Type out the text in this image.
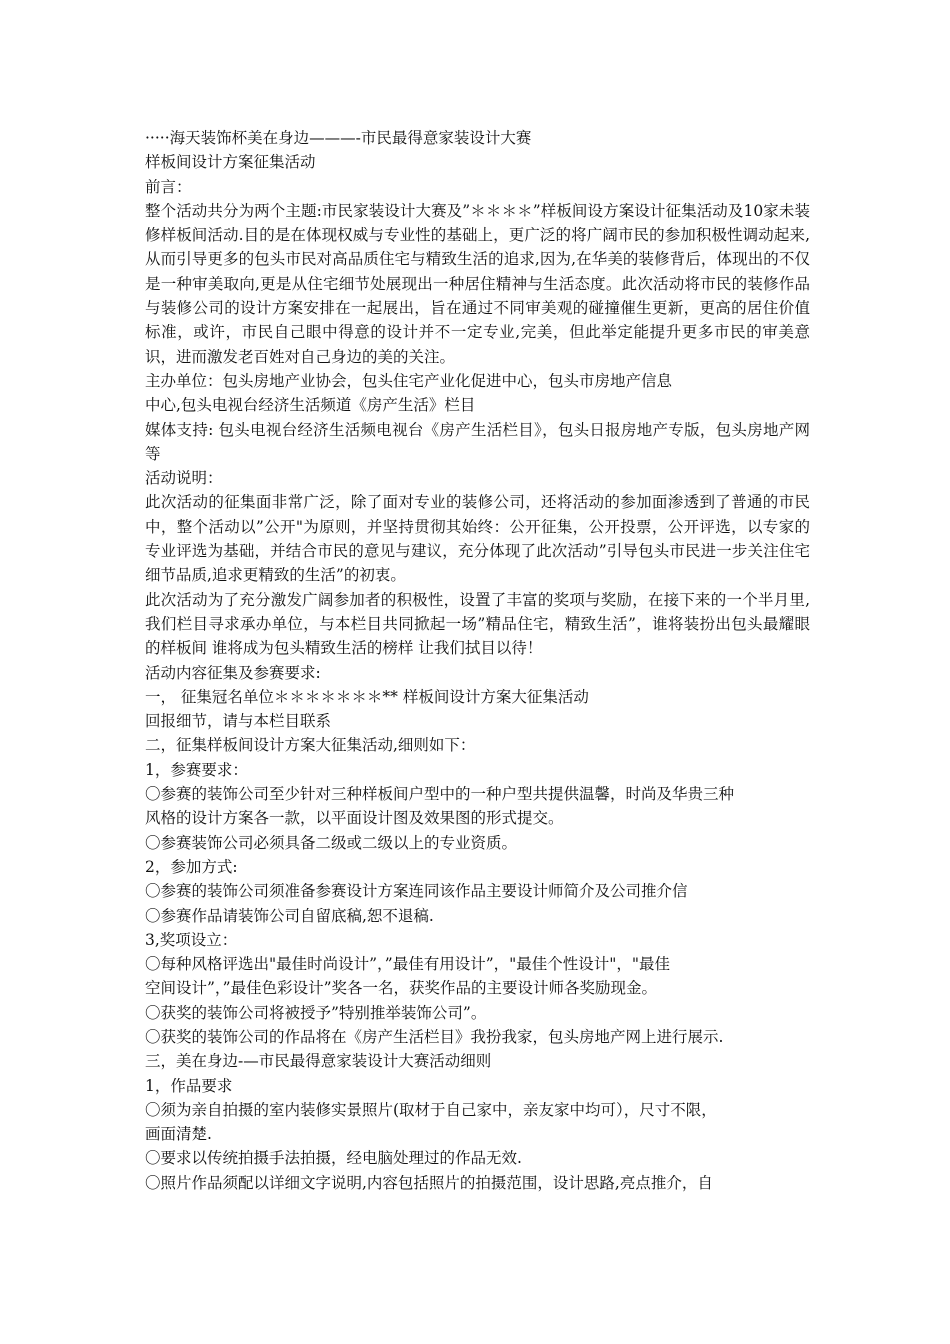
·····海天装饰杯美在身边———-市民最得意家装设计大赛
样板间设计方案征集活动
前言：

整个活动共分为两个主题:市民家装设计大赛及”＊＊＊＊”样板间设方案设计征集活动及10家未装修样板间活动.目的是在体现权威与专业性的基础上，更广泛的将广阔市民的参加积极性调动起来,从而引导更多的包头市民对高品质住宅与精致生活的追求,因为,在华美的装修背后，体现出的不仅是一种审美取向,更是从住宅细节处展现出一种居住精神与生活态度。此次活动将市民的装修作品与装修公司的设计方案安排在一起展出，旨在通过不同审美观的碰撞催生更新，更高的居住价值标准，或许，市民自己眼中得意的设计并不一定专业,完美，但此举定能提升更多市民的审美意识，进而激发老百姓对自己身边的美的关注。

主办单位：包头房地产业协会，包头住宅产业化促进中心，包头市房地产信息
中心,包头电视台经济生活频道《房产生活》栏目

媒体支持: 包头电视台经济生活频电视台《房产生活栏目》，包头日报房地产专版，包头房地产网等

活动说明：

此次活动的征集面非常广泛，除了面对专业的装修公司，还将活动的参加面渗透到了普通的市民中，整个活动以”公开"为原则，并坚持贯彻其始终：公开征集，公开投票，公开评选，以专家的专业评选为基础，并结合市民的意见与建议，充分体现了此次活动”引导包头市民进一步关注住宅细节品质,追求更精致的生活”的初衷。

此次活动为了充分激发广阔参加者的积极性，设置了丰富的奖项与奖励，在接下来的一个半月里,我们栏目寻求承办单位，与本栏目共同掀起一场”精品住宅，精致生活”，谁将装扮出包头最耀眼的样板间 谁将成为包头精致生活的榜样 让我们拭目以待！

活动内容征集及参赛要求:
一， 征集冠名单位＊＊＊＊＊＊＊** 样板间设计方案大征集活动
回报细节，请与本栏目联系
二，征集样板间设计方案大征集活动,细则如下：
1，参赛要求：
〇参赛的装饰公司至少针对三种样板间户型中的一种户型共提供温馨，时尚及华贵三种
风格的设计方案各一款，以平面设计图及效果图的形式提交。
〇参赛装饰公司必须具备二级或二级以上的专业资质。
2，参加方式:
〇参赛的装饰公司须准备参赛设计方案连同该作品主要设计师简介及公司推介信
〇参赛作品请装饰公司自留底稿,恕不退稿.
3,奖项设立：
〇每种风格评选出"最佳时尚设计”，”最佳有用设计”，"最佳个性设计"，"最佳
空间设计”，”最佳色彩设计”奖各一名，获奖作品的主要设计师各奖励现金。
〇获奖的装饰公司将被授予”特别推举装饰公司”。
〇获奖的装饰公司的作品将在《房产生活栏目》我扮我家，包头房地产网上进行展示.
三，美在身边-—市民最得意家装设计大赛活动细则
1，作品要求
〇须为亲自拍摄的室内装修实景照片(取材于自己家中，亲友家中均可），尺寸不限，
画面清楚.
〇要求以传统拍摄手法拍摄，经电脑处理过的作品无效.
〇照片作品须配以详细文字说明,内容包括照片的拍摄范围，设计思路,亮点推介，自
